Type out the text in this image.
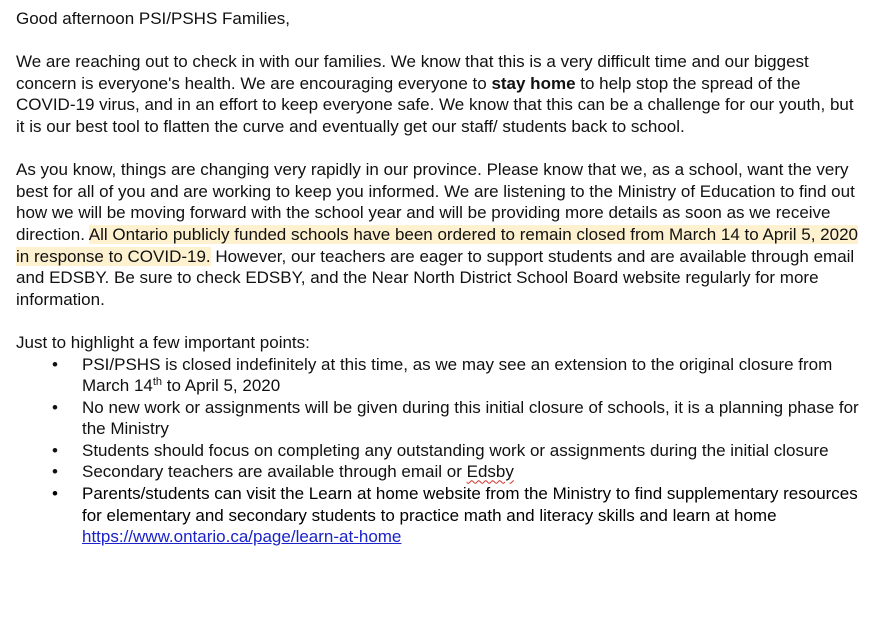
Good afternoon PSI/PSHS Families,

We are reaching out to check in with our families. We know that this is a very difficult time and our biggest concern is everyone's health. We are encouraging everyone to stay home to help stop the spread of the COVID-19 virus, and in an effort to keep everyone safe. We know that this can be a challenge for our youth, but it is our best tool to flatten the curve and eventually get our staff/ students back to school.

As you know, things are changing very rapidly in our province. Please know that we, as a school, want the very best for all of you and are working to keep you informed. We are listening to the Ministry of Education to find out how we will be moving forward with the school year and will be providing more details as soon as we receive direction. All Ontario publicly funded schools have been ordered to remain closed from March 14 to April 5, 2020 in response to COVID-19. However, our teachers are eager to support students and are available through email and EDSBY. Be sure to check EDSBY, and the Near North District School Board website regularly for more information.

Just to highlight a few important points:

• PSI/PSHS is closed indefinitely at this time, as we may see an extension to the original closure from March 14th to April 5, 2020
• No new work or assignments will be given during this initial closure of schools, it is a planning phase for the Ministry
• Students should focus on completing any outstanding work or assignments during the initial closure
• Secondary teachers are available through email or Edsby
• Parents/students can visit the Learn at home website from the Ministry to find supplementary resources for elementary and secondary students to practice math and literacy skills and learn at home https://www.ontario.ca/page/learn-at-home
